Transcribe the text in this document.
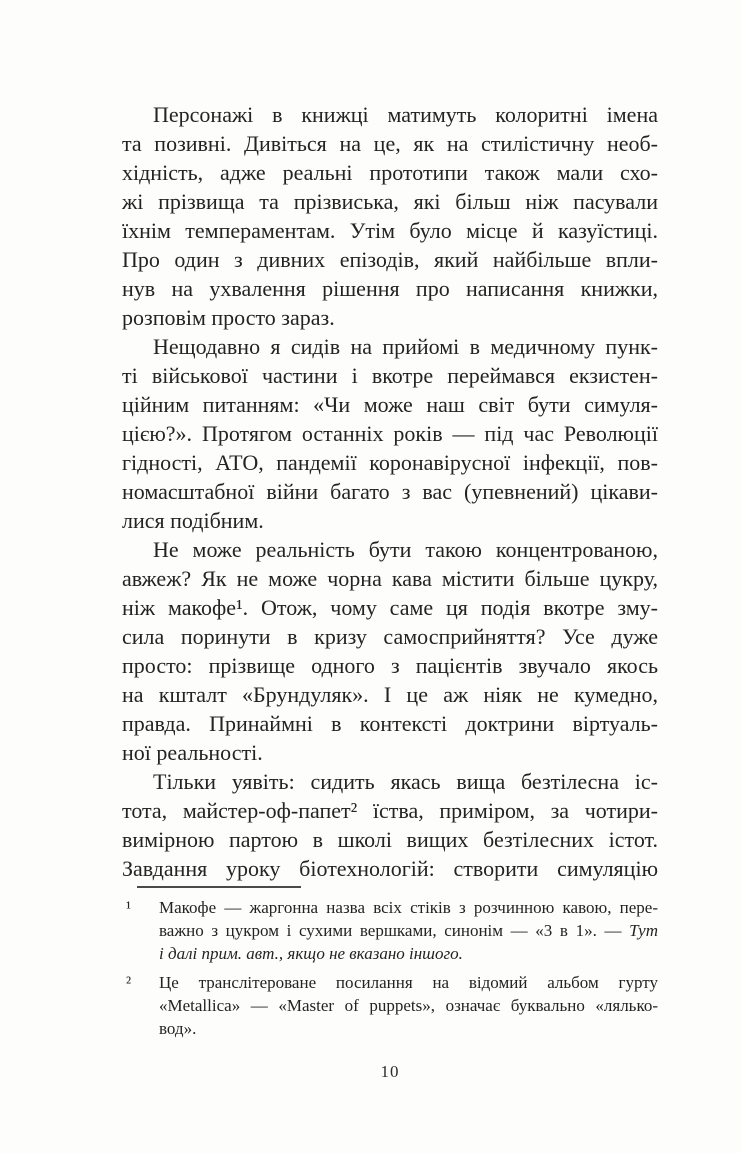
Персонажі в книжці матимуть колоритні імена
та позивні. Дивіться на це, як на стилістичну необ-
хідність, адже реальні прототипи також мали схо-
жі прізвища та прізвиська, які більш ніж пасували
їхнім темпераментам. Утім було місце й казуїстиці.
Про один з дивних епізодів, який найбільше впли-
нув на ухвалення рішення про написання книжки,
розповім просто зараз.
Нещодавно я сидів на прийомі в медичному пунк-
ті військової частини і вкотре переймався екзистен-
ційним питанням: «Чи може наш світ бути симуля-
цією?». Протягом останніх років — під час Революції
гідності, АТО, пандемії коронавірусної інфекції, пов-
номасштабної війни багато з вас (упевнений) цікави-
лися подібним.
Не може реальність бути такою концентрованою,
авжеж? Як не може чорна кава містити більше цукру,
ніж макофе¹. Отож, чому саме ця подія вкотре зму-
сила поринути в кризу самосприйняття? Усе дуже
просто: прізвище одного з пацієнтів звучало якось
на кшталт «Брундуляк». І це аж ніяк не кумедно,
правда. Принаймні в контексті доктрини віртуаль-
ної реальності.
Тільки уявіть: сидить якась вища безтілесна іс-
тота, майстер-оф-папет² їства, приміром, за чотири-
вимірною партою в школі вищих безтілесних істот.
Завдання уроку біотехнологій: створити симуляцію
¹	Макофе — жаргонна назва всіх стіків з розчинною кавою, пере-
важно з цукром і сухими вершками, синонім — «3 в 1». — Тут
і далі прим. авт., якщо не вказано іншого.
²	Це транслітероване посилання на відомий альбом гурту
«Metallica» — «Master of puppets», означає буквально «лялько-
вод».
10
